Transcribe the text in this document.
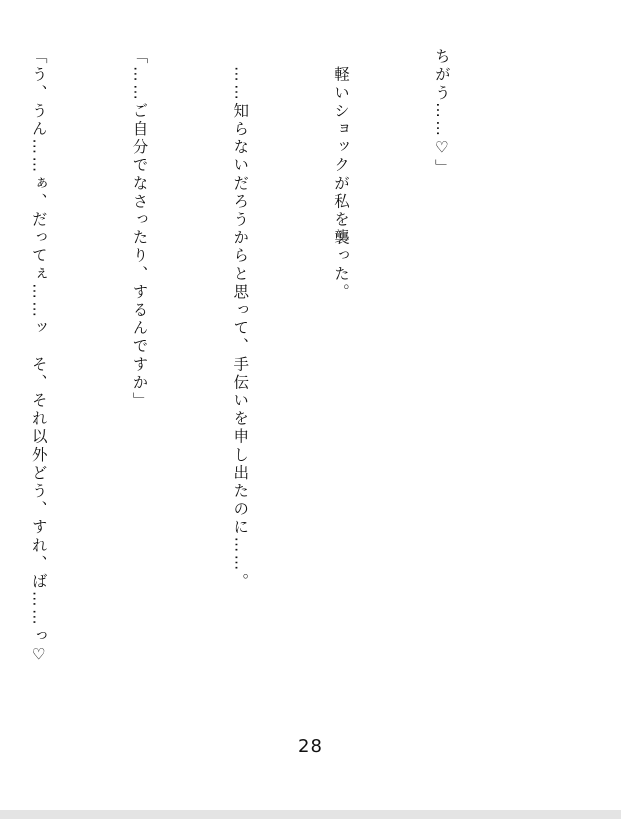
ちがう……♡」

　軽いショックが私を襲った。

　……知らないだろうからと思って、手伝いを申し出たのに……。

「……ご自分でなさったり、するんですか」

「う、うん……ぁ、だってぇ……ッ　そ、それ以外どう、すれ、ば……っ♡

28
